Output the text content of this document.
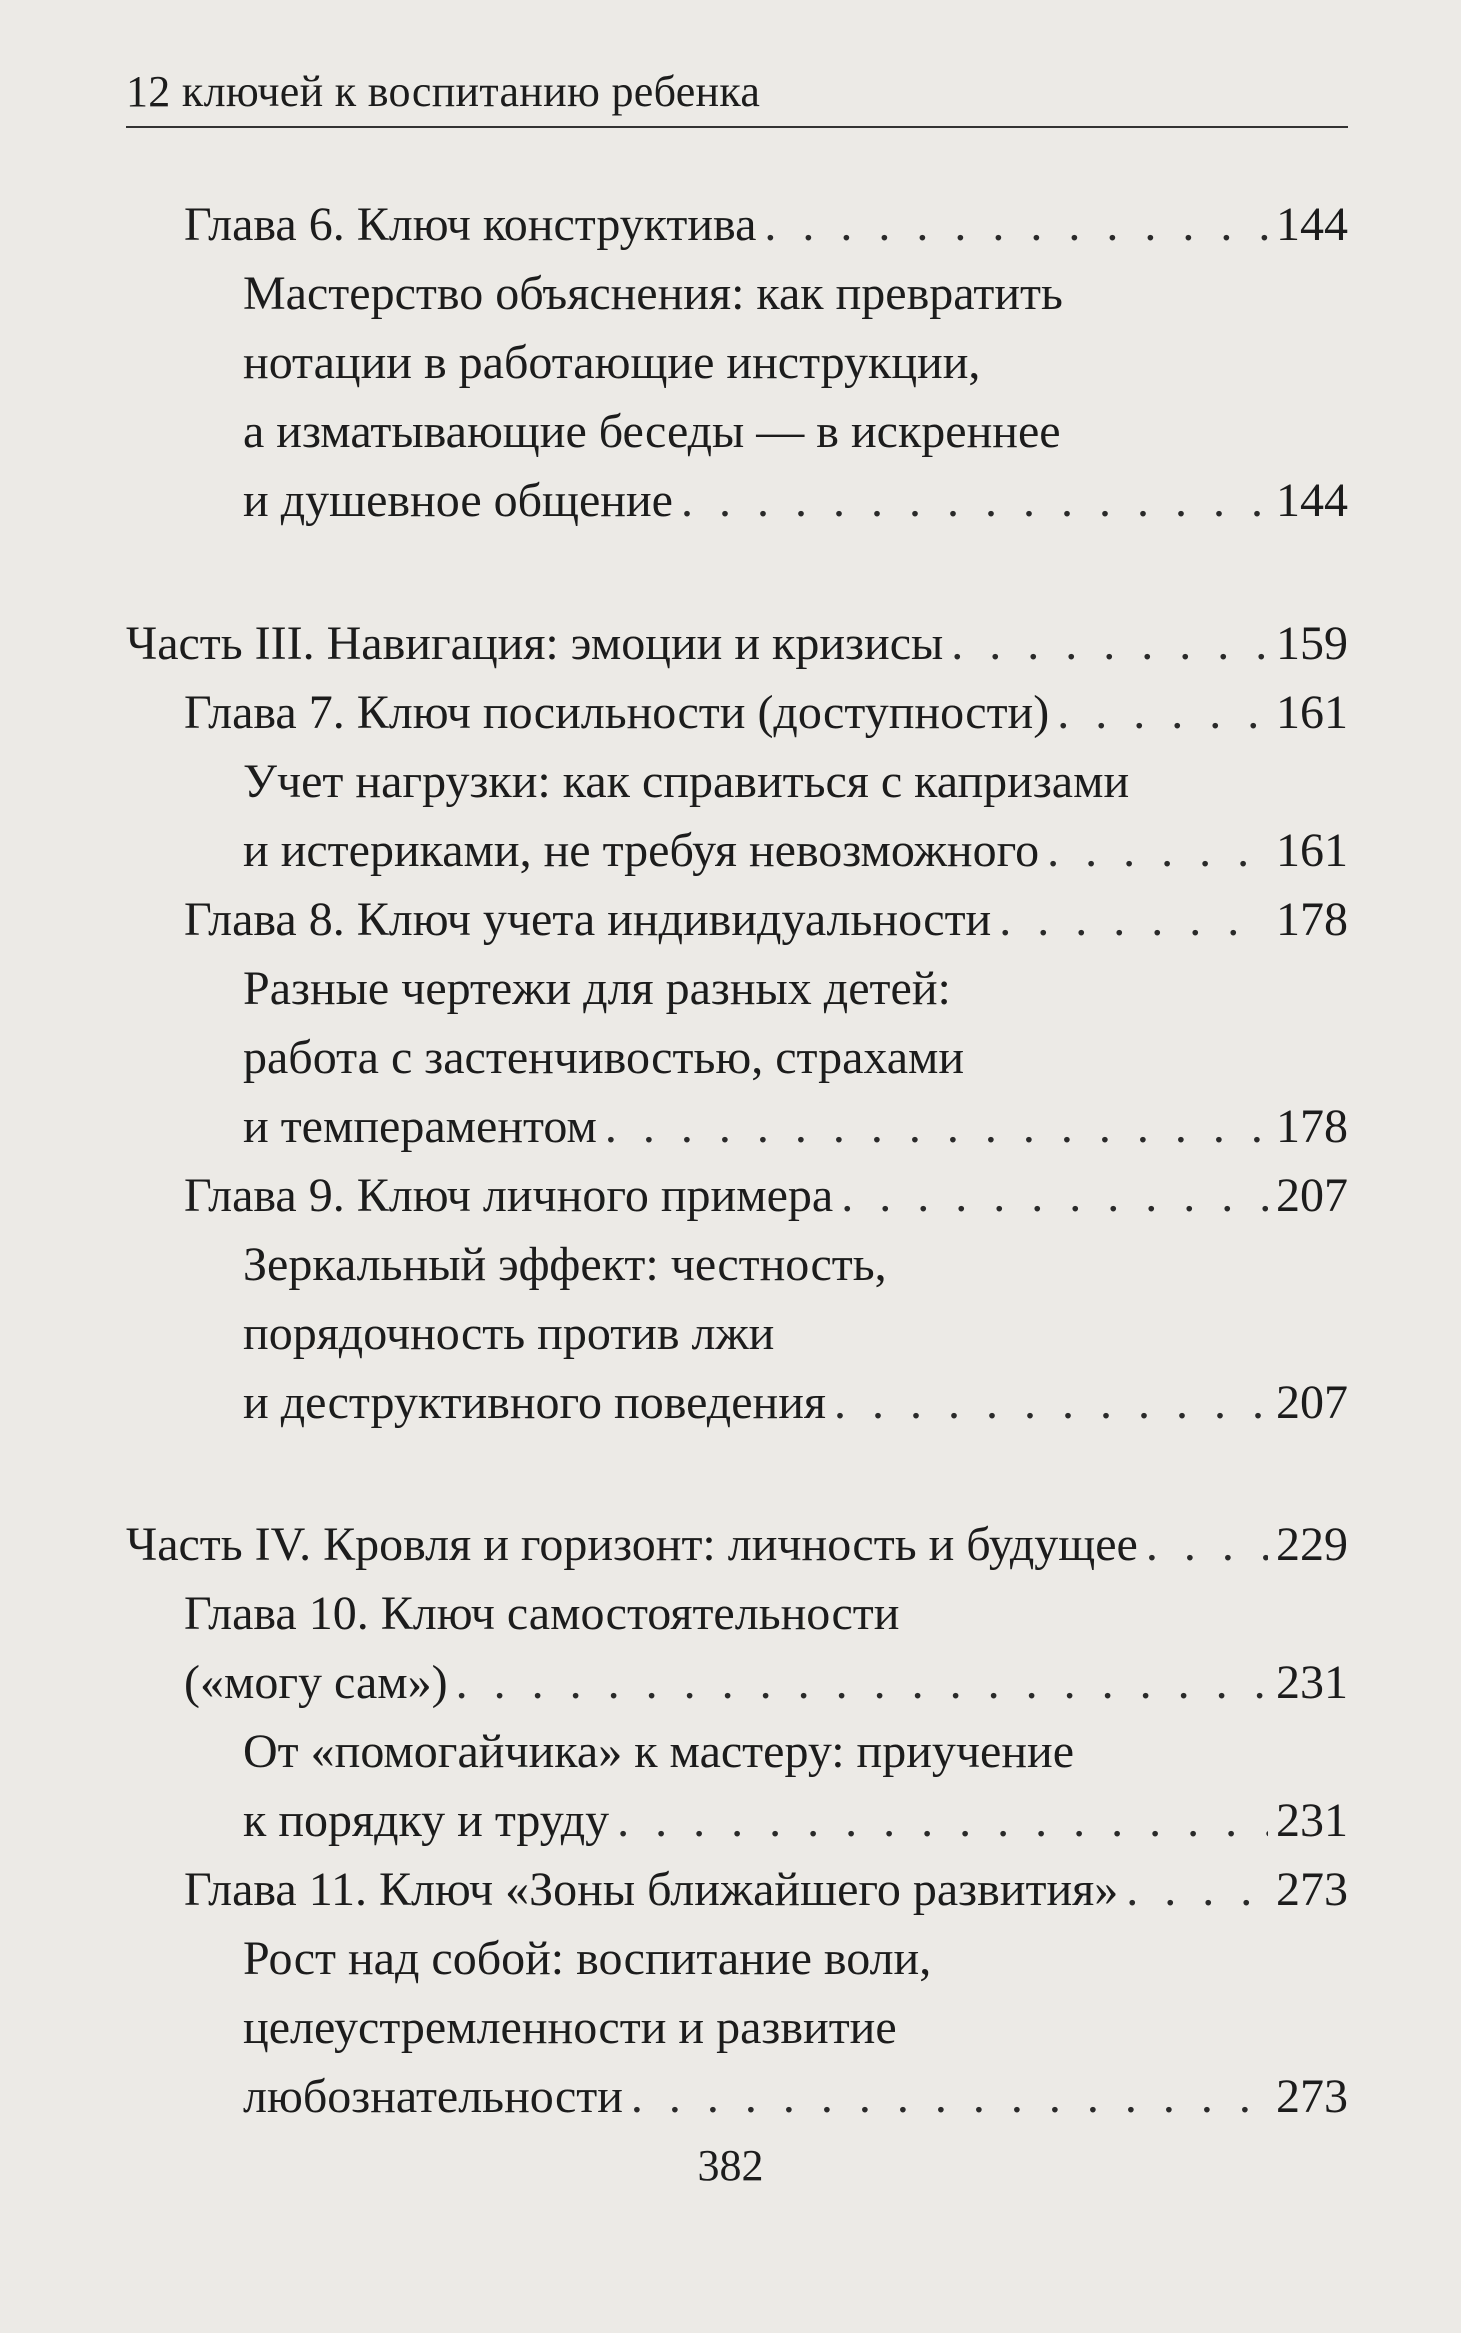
12 ключей к воспитанию ребенка
Глава 6. Ключ конструктива . . .	144
Мастерство объяснения: как превратить
нотации в работающие инструкции,
а изматывающие беседы — в искреннее
и душевное общение . . .	144
Часть III. Навигация: эмоции и кризисы . . .	159
Глава 7. Ключ посильности (доступности) . . .	161
Учет нагрузки: как справиться с капризами
и истериками, не требуя невозможного . . .	161
Глава 8. Ключ учета индивидуальности . . .	178
Разные чертежи для разных детей:
работа с застенчивостью, страхами
и темпераментом . . .	178
Глава 9. Ключ личного примера . . .	207
Зеркальный эффект: честность,
порядочность против лжи
и деструктивного поведения . . .	207
Часть IV. Кровля и горизонт: личность и будущее . . .	229
Глава 10. Ключ самостоятельности
(«могу сам») . . .	231
От «помогайчика» к мастеру: приучение
к порядку и труду . . .	231
Глава 11. Ключ «Зоны ближайшего развития» . . .	273
Рост над собой: воспитание воли,
целеустремленности и развитие
любознательности . . .	273
382
